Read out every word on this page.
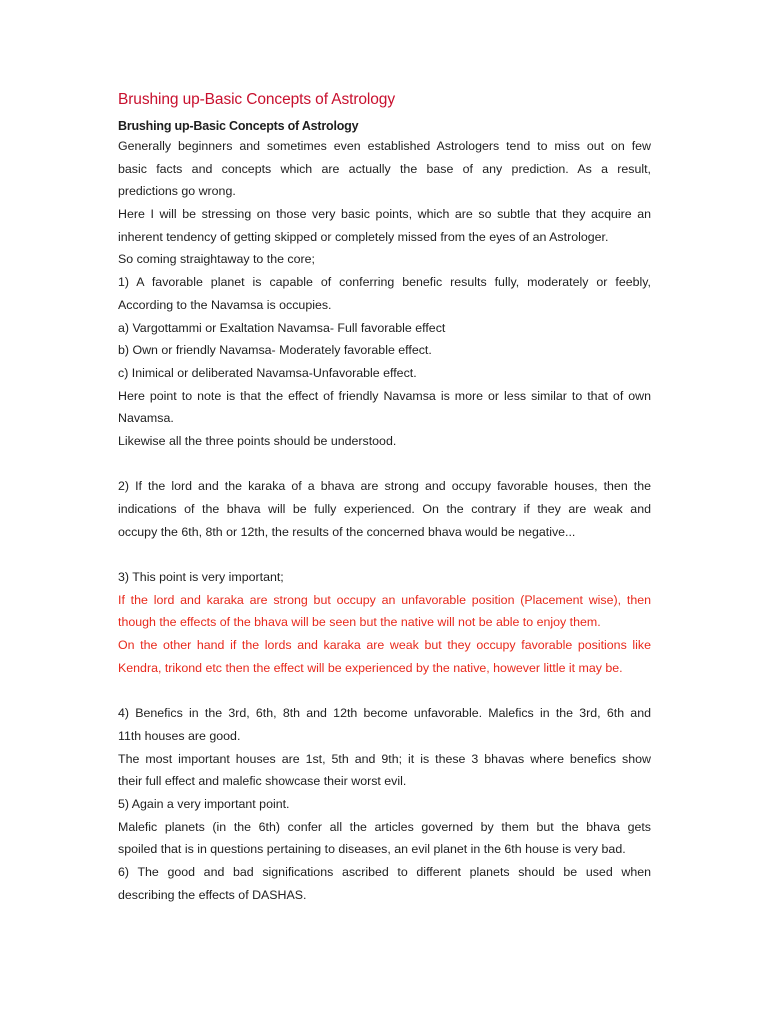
Brushing up-Basic Concepts of Astrology
Brushing up-Basic Concepts of Astrology
Generally beginners and sometimes even established Astrologers tend to miss out on few
basic facts and concepts which are actually the base of any prediction. As a result,
predictions go wrong.
Here I will be stressing on those very basic points, which are so subtle that they acquire an
inherent tendency of getting skipped or completely missed from the eyes of an Astrologer.
So coming straightaway to the core;
1) A favorable planet is capable of conferring benefic results fully, moderately or feebly,
According to the Navamsa is occupies.
a) Vargottammi or Exaltation Navamsa- Full favorable effect
b) Own or friendly Navamsa- Moderately favorable effect.
c) Inimical or deliberated Navamsa-Unfavorable effect.
Here point to note is that the effect of friendly Navamsa is more or less similar to that of own
Navamsa.
Likewise all the three points should be understood.
2) If the lord and the karaka of a bhava are strong and occupy favorable houses, then the
indications of the bhava will be fully experienced. On the contrary if they are weak and
occupy the 6th, 8th or 12th, the results of the concerned bhava would be negative...
3) This point is very important;
If the lord and karaka are strong but occupy an unfavorable position (Placement wise), then
though the effects of the bhava will be seen but the native will not be able to enjoy them.
On the other hand if the lords and karaka are weak but they occupy favorable positions like
Kendra, trikond etc then the effect will be experienced by the native, however little it may be.
4) Benefics in the 3rd, 6th, 8th and 12th become unfavorable. Malefics in the 3rd, 6th and
11th houses are good.
The most important houses are 1st, 5th and 9th; it is these 3 bhavas where benefics show
their full effect and malefic showcase their worst evil.
5) Again a very important point.
Malefic planets (in the 6th) confer all the articles governed by them but the bhava gets
spoiled that is in questions pertaining to diseases, an evil planet in the 6th house is very bad.
6) The good and bad significations ascribed to different planets should be used when
describing the effects of DASHAS.
